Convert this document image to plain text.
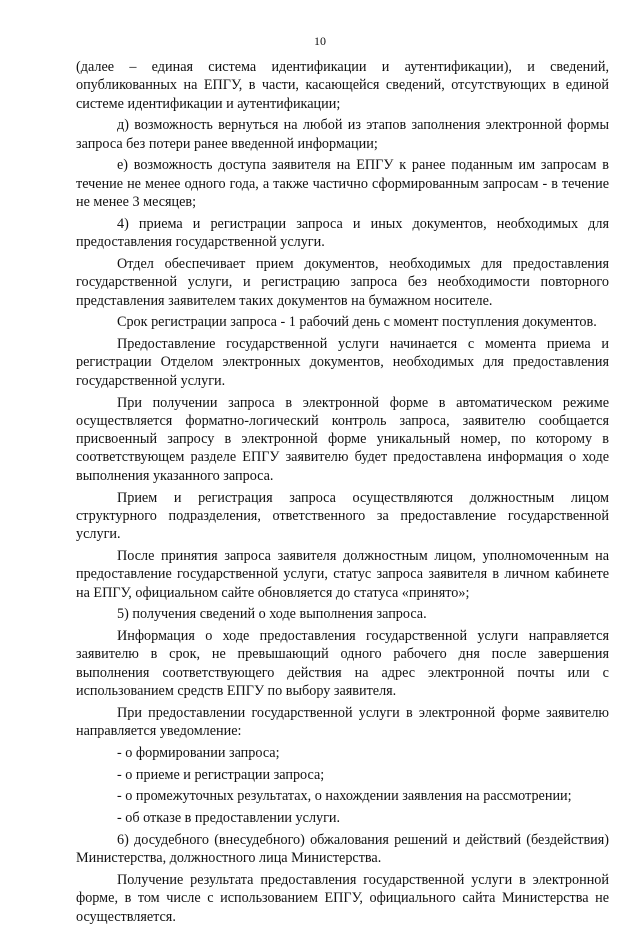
10

(далее – единая система идентификации и аутентификации), и сведений, опубликованных на ЕПГУ, в части, касающейся сведений, отсутствующих в единой системе идентификации и аутентификации;

д) возможность вернуться на любой из этапов заполнения электронной формы запроса без потери ранее введенной информации;

е) возможность доступа заявителя на ЕПГУ к ранее поданным им запросам в течение не менее одного года, а также частично сформированным запросам - в течение не менее 3 месяцев;

4) приема и регистрации запроса и иных документов, необходимых для предоставления государственной услуги.

Отдел обеспечивает прием документов, необходимых для предоставления государственной услуги, и регистрацию запроса без необходимости повторного представления заявителем таких документов на бумажном носителе.

Срок регистрации запроса - 1 рабочий день с момент поступления документов.

Предоставление государственной услуги начинается с момента приема и регистрации Отделом электронных документов, необходимых для предоставления государственной услуги.

При получении запроса в электронной форме в автоматическом режиме осуществляется форматно-логический контроль запроса, заявителю сообщается присвоенный запросу в электронной форме уникальный номер, по которому в соответствующем разделе ЕПГУ заявителю будет предоставлена информация о ходе выполнения указанного запроса.

Прием и регистрация запроса осуществляются должностным лицом структурного подразделения, ответственного за предоставление государственной услуги.

После принятия запроса заявителя должностным лицом, уполномоченным на предоставление государственной услуги, статус запроса заявителя в личном кабинете на ЕПГУ, официальном сайте обновляется до статуса «принято»;

5) получения сведений о ходе выполнения запроса.

Информация о ходе предоставления государственной услуги направляется заявителю в срок, не превышающий одного рабочего дня после завершения выполнения соответствующего действия на адрес электронной почты или с использованием средств ЕПГУ по выбору заявителя.

При предоставлении государственной услуги в электронной форме заявителю направляется уведомление:

- о формировании запроса;

- о приеме и регистрации запроса;

- о промежуточных результатах, о нахождении заявления на рассмотрении;

- об отказе в предоставлении услуги.

6) досудебного (внесудебного) обжалования решений и действий (бездействия) Министерства, должностного лица Министерства.

Получение результата предоставления государственной услуги в электронной форме, в том числе с использованием ЕПГУ, официального сайта Министерства не осуществляется.
